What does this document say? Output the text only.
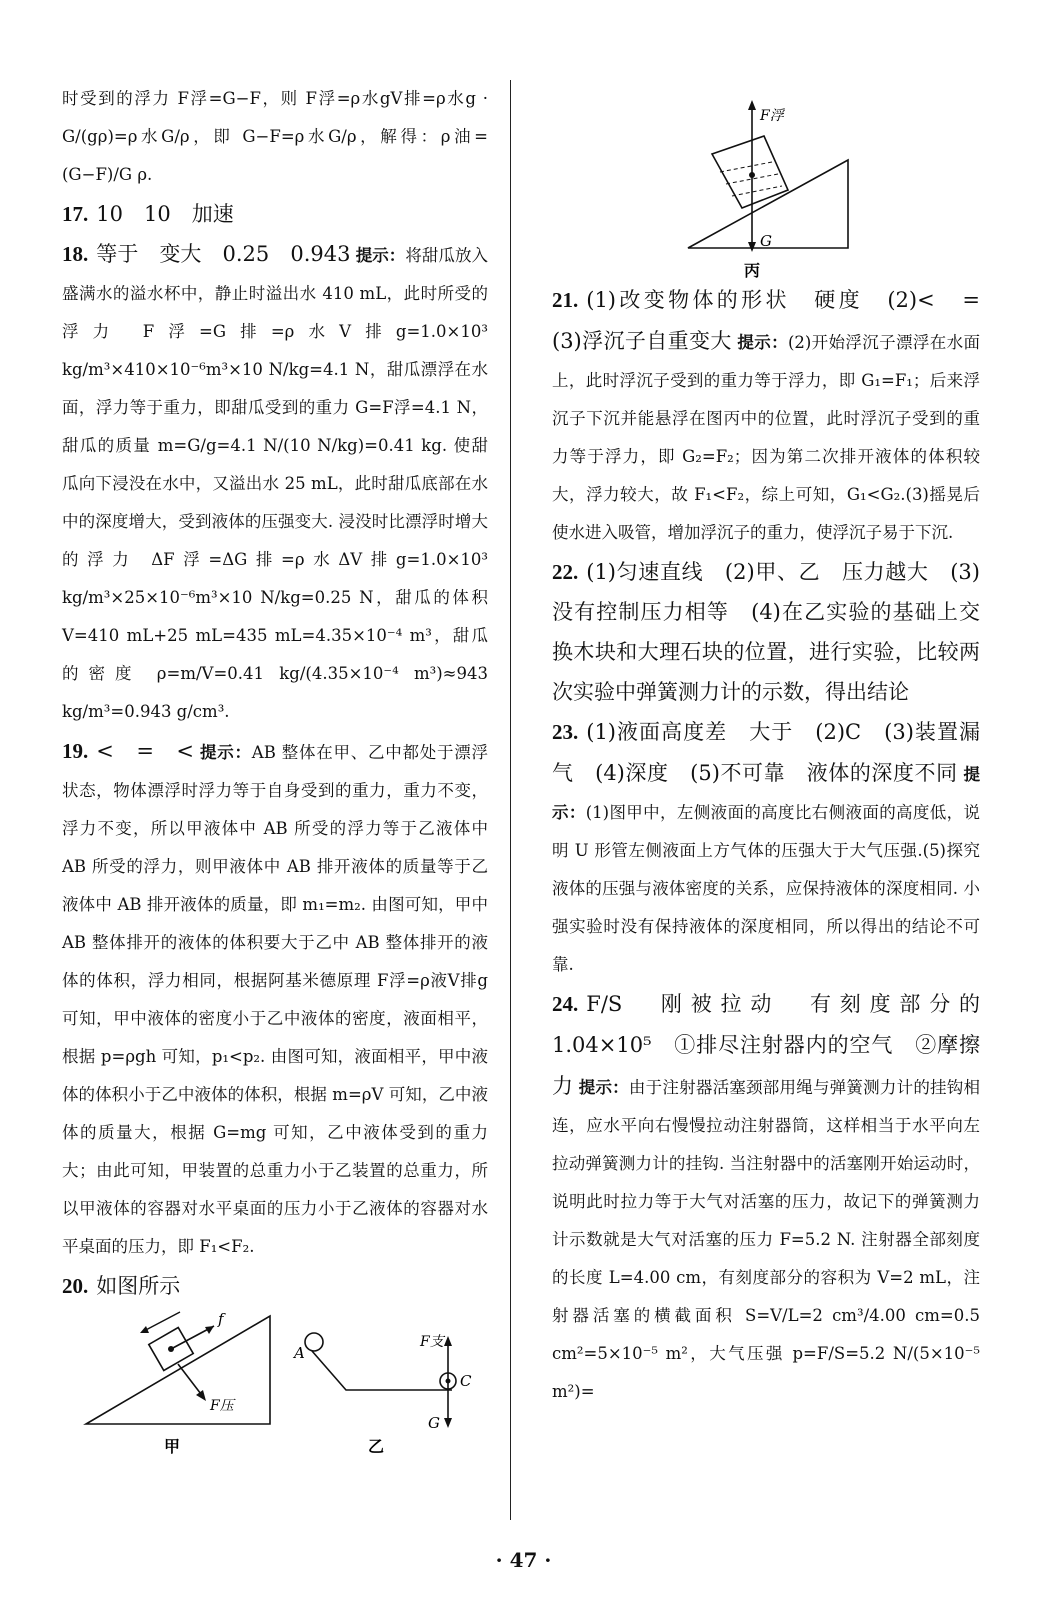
时受到的浮力 F浮=G−F，则 F浮=ρ水gV排=ρ水g · G/(gρ)=ρ水G/ρ，即 G−F=ρ水G/ρ，解得：ρ油=(G−F)/G ρ.

17. 10　10　加速

18. 等于　变大　0.25　0.943 提示：将甜瓜放入盛满水的溢水杯中，静止时溢出水 410 mL，此时所受的浮力 F浮=G排=ρ水V排g=1.0×10³ kg/m³×410×10⁻⁶m³×10 N/kg=4.1 N，甜瓜漂浮在水面，浮力等于重力，即甜瓜受到的重力 G=F浮=4.1 N，甜瓜的质量 m=G/g=4.1 N/(10 N/kg)=0.41 kg. 使甜瓜向下浸没在水中，又溢出水 25 mL，此时甜瓜底部在水中的深度增大，受到液体的压强变大. 浸没时比漂浮时增大的浮力 ΔF浮=ΔG排=ρ水ΔV排g=1.0×10³ kg/m³×25×10⁻⁶m³×10 N/kg=0.25 N，甜瓜的体积 V=410 mL+25 mL=435 mL=4.35×10⁻⁴ m³，甜瓜的密度 ρ=m/V=0.41 kg/(4.35×10⁻⁴ m³)≈943 kg/m³=0.943 g/cm³.

19. <　=　< 提示：AB 整体在甲、乙中都处于漂浮状态，物体漂浮时浮力等于自身受到的重力，重力不变，浮力不变，所以甲液体中 AB 所受的浮力等于乙液体中 AB 所受的浮力，则甲液体中 AB 排开液体的质量等于乙液体中 AB 排开液体的质量，即 m₁=m₂. 由图可知，甲中 AB 整体排开的液体的体积要大于乙中 AB 整体排开的液体的体积，浮力相同，根据阿基米德原理 F浮=ρ液V排g 可知，甲中液体的密度小于乙中液体的密度，液面相平，根据 p=ρgh 可知，p₁<p₂. 由图可知，液面相平，甲中液体的体积小于乙中液体的体积，根据 m=ρV 可知，乙中液体的质量大，根据 G=mg 可知，乙中液体受到的重力大；由此可知，甲装置的总重力小于乙装置的总重力，所以甲液体的容器对水平桌面的压力小于乙液体的容器对水平桌面的压力，即 F₁<F₂.

20. 如图所示

f
F压
甲
A
C
F支
G
乙
F浮
G
丙

21. (1)改变物体的形状　硬度　(2)<　=　(3)浮沉子自重变大 提示：(2)开始浮沉子漂浮在水面上，此时浮沉子受到的重力等于浮力，即 G₁=F₁；后来浮沉子下沉并能悬浮在图丙中的位置，此时浮沉子受到的重力等于浮力，即 G₂=F₂；因为第二次排开液体的体积较大，浮力较大，故 F₁<F₂，综上可知，G₁<G₂.(3)摇晃后使水进入吸管，增加浮沉子的重力，使浮沉子易于下沉.

22. (1)匀速直线　(2)甲、乙　压力越大　(3)没有控制压力相等　(4)在乙实验的基础上交换木块和大理石块的位置，进行实验，比较两次实验中弹簧测力计的示数，得出结论

23. (1)液面高度差　大于　(2)C　(3)装置漏气　(4)深度　(5)不可靠　液体的深度不同 提示：(1)图甲中，左侧液面的高度比右侧液面的高度低，说明 U 形管左侧液面上方气体的压强大于大气压强.(5)探究液体的压强与液体密度的关系，应保持液体的深度相同. 小强实验时没有保持液体的深度相同，所以得出的结论不可靠.

24. F/S　刚被拉动　有刻度部分的　1.04×10⁵　①排尽注射器内的空气　②摩擦力 提示：由于注射器活塞颈部用绳与弹簧测力计的挂钩相连，应水平向右慢慢拉动注射器筒，这样相当于水平向左拉动弹簧测力计的挂钩. 当注射器中的活塞刚开始运动时，说明此时拉力等于大气对活塞的压力，故记下的弹簧测力计示数就是大气对活塞的压力 F=5.2 N. 注射器全部刻度的长度 L=4.00 cm，有刻度部分的容积为 V=2 mL，注射器活塞的横截面积 S=V/L=2 cm³/4.00 cm=0.5 cm²=5×10⁻⁵ m²，大气压强 p=F/S=5.2 N/(5×10⁻⁵ m²)=

· 47 ·
